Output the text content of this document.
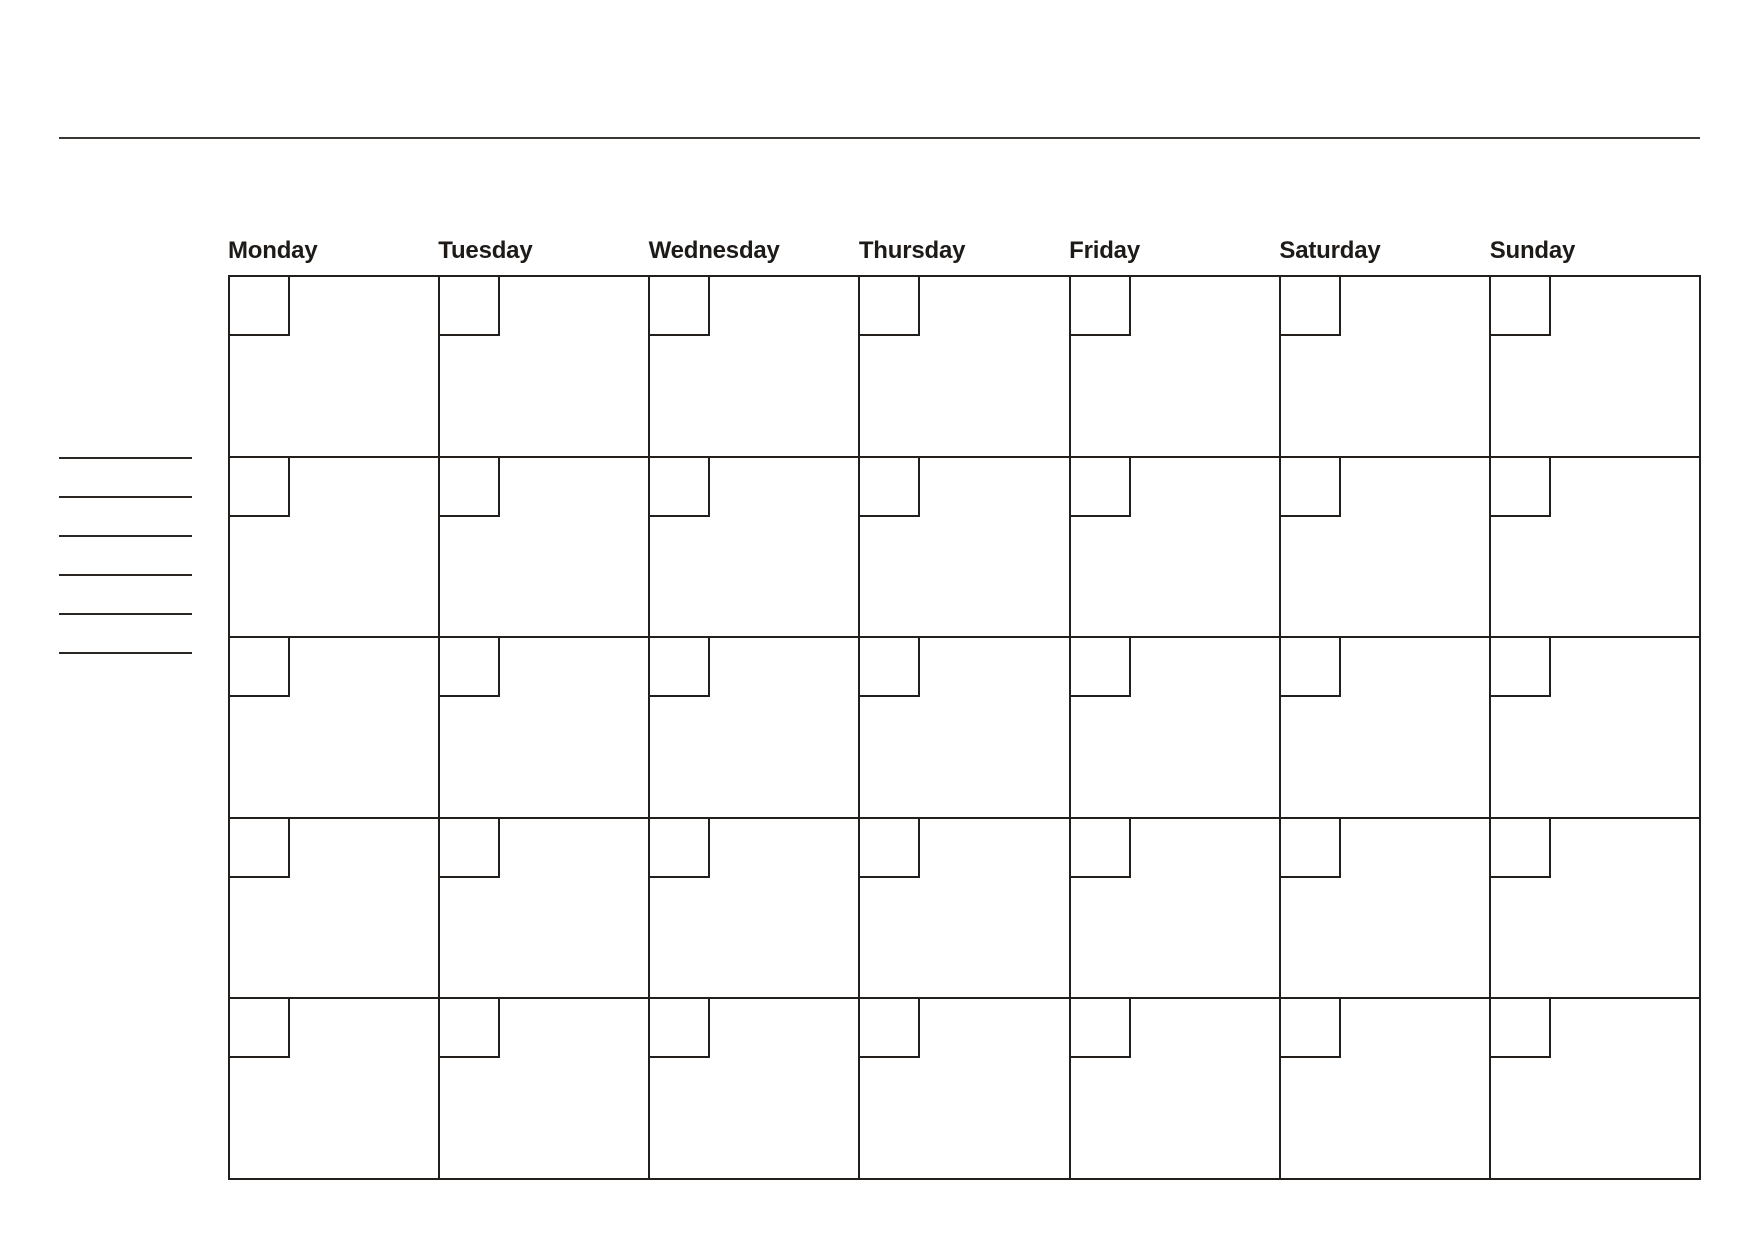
Monday	Tuesday	Wednesday	Thursday	Friday	Saturday	Sunday
